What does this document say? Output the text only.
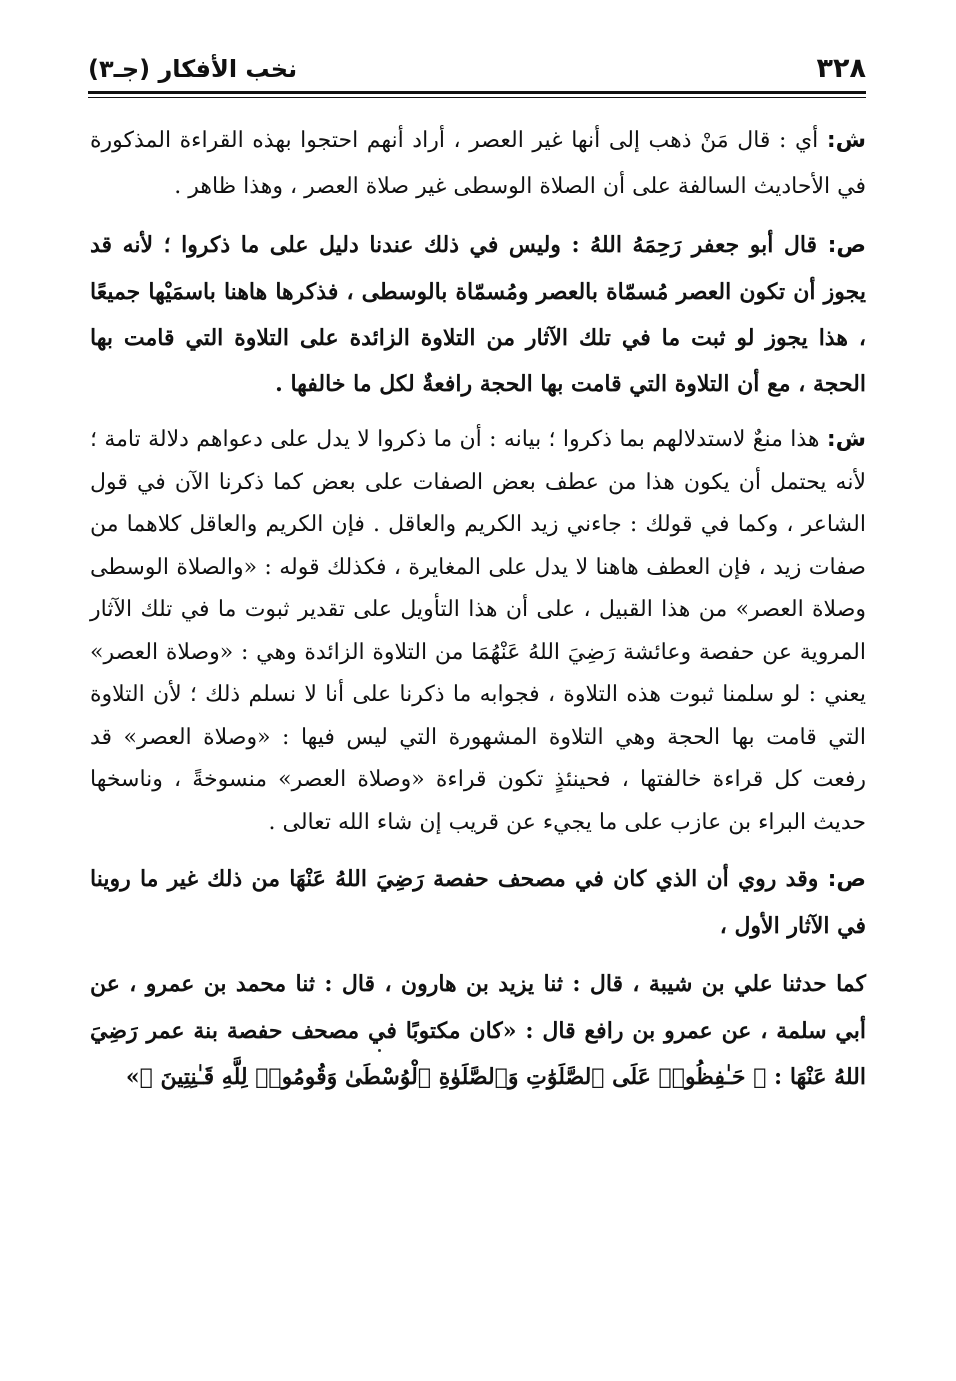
٣٢٨
نخب الأفكار (جـ٣)

ش: أي : قال مَنْ ذهب إلى أنها غير العصر ، أراد أنهم احتجوا بهذه القراءة المذكورة في الأحاديث السالفة على أن الصلاة الوسطى غير صلاة العصر ، وهذا ظاهر .

ص: قال أبو جعفر رَحِمَهُ اللهُ : وليس في ذلك عندنا دليل على ما ذكروا ؛ لأنه قد يجوز أن تكون العصر مُسمّاة بالعصر ومُسمّاة بالوسطى ، فذكرها هاهنا باسمَيْها جميعًا ، هذا يجوز لو ثبت ما في تلك الآثار من التلاوة الزائدة على التلاوة التي قامت بها الحجة ، مع أن التلاوة التي قامت بها الحجة رافعةٌ لكل ما خالفها .

ش: هذا منعٌ لاستدلالهم بما ذكروا ؛ بيانه : أن ما ذكروا لا يدل على دعواهم دلالة تامة ؛ لأنه يحتمل أن يكون هذا من عطف بعض الصفات على بعض كما ذكرنا الآن في قول الشاعر ، وكما في قولك : جاءني زيد الكريم والعاقل . فإن الكريم والعاقل كلاهما من صفات زيد ، فإن العطف هاهنا لا يدل على المغايرة ، فكذلك قوله : «والصلاة الوسطى وصلاة العصر» من هذا القبيل ، على أن هذا التأويل على تقدير ثبوت ما في تلك الآثار المروية عن حفصة وعائشة رَضِيَ اللهُ عَنْهُمَا من التلاوة الزائدة وهي : «وصلاة العصر» يعني : لو سلمنا ثبوت هذه التلاوة ، فجوابه ما ذكرنا على أنا لا نسلم ذلك ؛ لأن التلاوة التي قامت بها الحجة وهي التلاوة المشهورة التي ليس فيها : «وصلاة العصر» قد رفعت كل قراءة خالفتها ، فحينئذٍ تكون قراءة «وصلاة العصر» منسوخةً ، وناسخها حديث البراء بن عازب على ما يجيء عن قريب إن شاء الله تعالى .

ص: وقد روي أن الذي كان في مصحف حفصة رَضِيَ اللهُ عَنْهَا من ذلك غير ما روينا في الآثار الأول ،

كما حدثنا علي بن شيبة ، قال : ثنا يزيد بن هارون ، قال : ثنا محمد بن عمرو ، عن أبي سلمة ، عن عمرو بن رافع قال : «كان مكتوبًا في مصحف حفصة بنة عمر رَضِيَ اللهُ عَنْهَا : ﴿ حَـٰفِظُوا۟ عَلَى ٱلصَّلَوَٰتِ وَٱلصَّلَوٰةِ ٱلْوُسْطَىٰ وَقُومُوا۟ لِلَّهِ قَـٰنِتِينَ ﴾»
